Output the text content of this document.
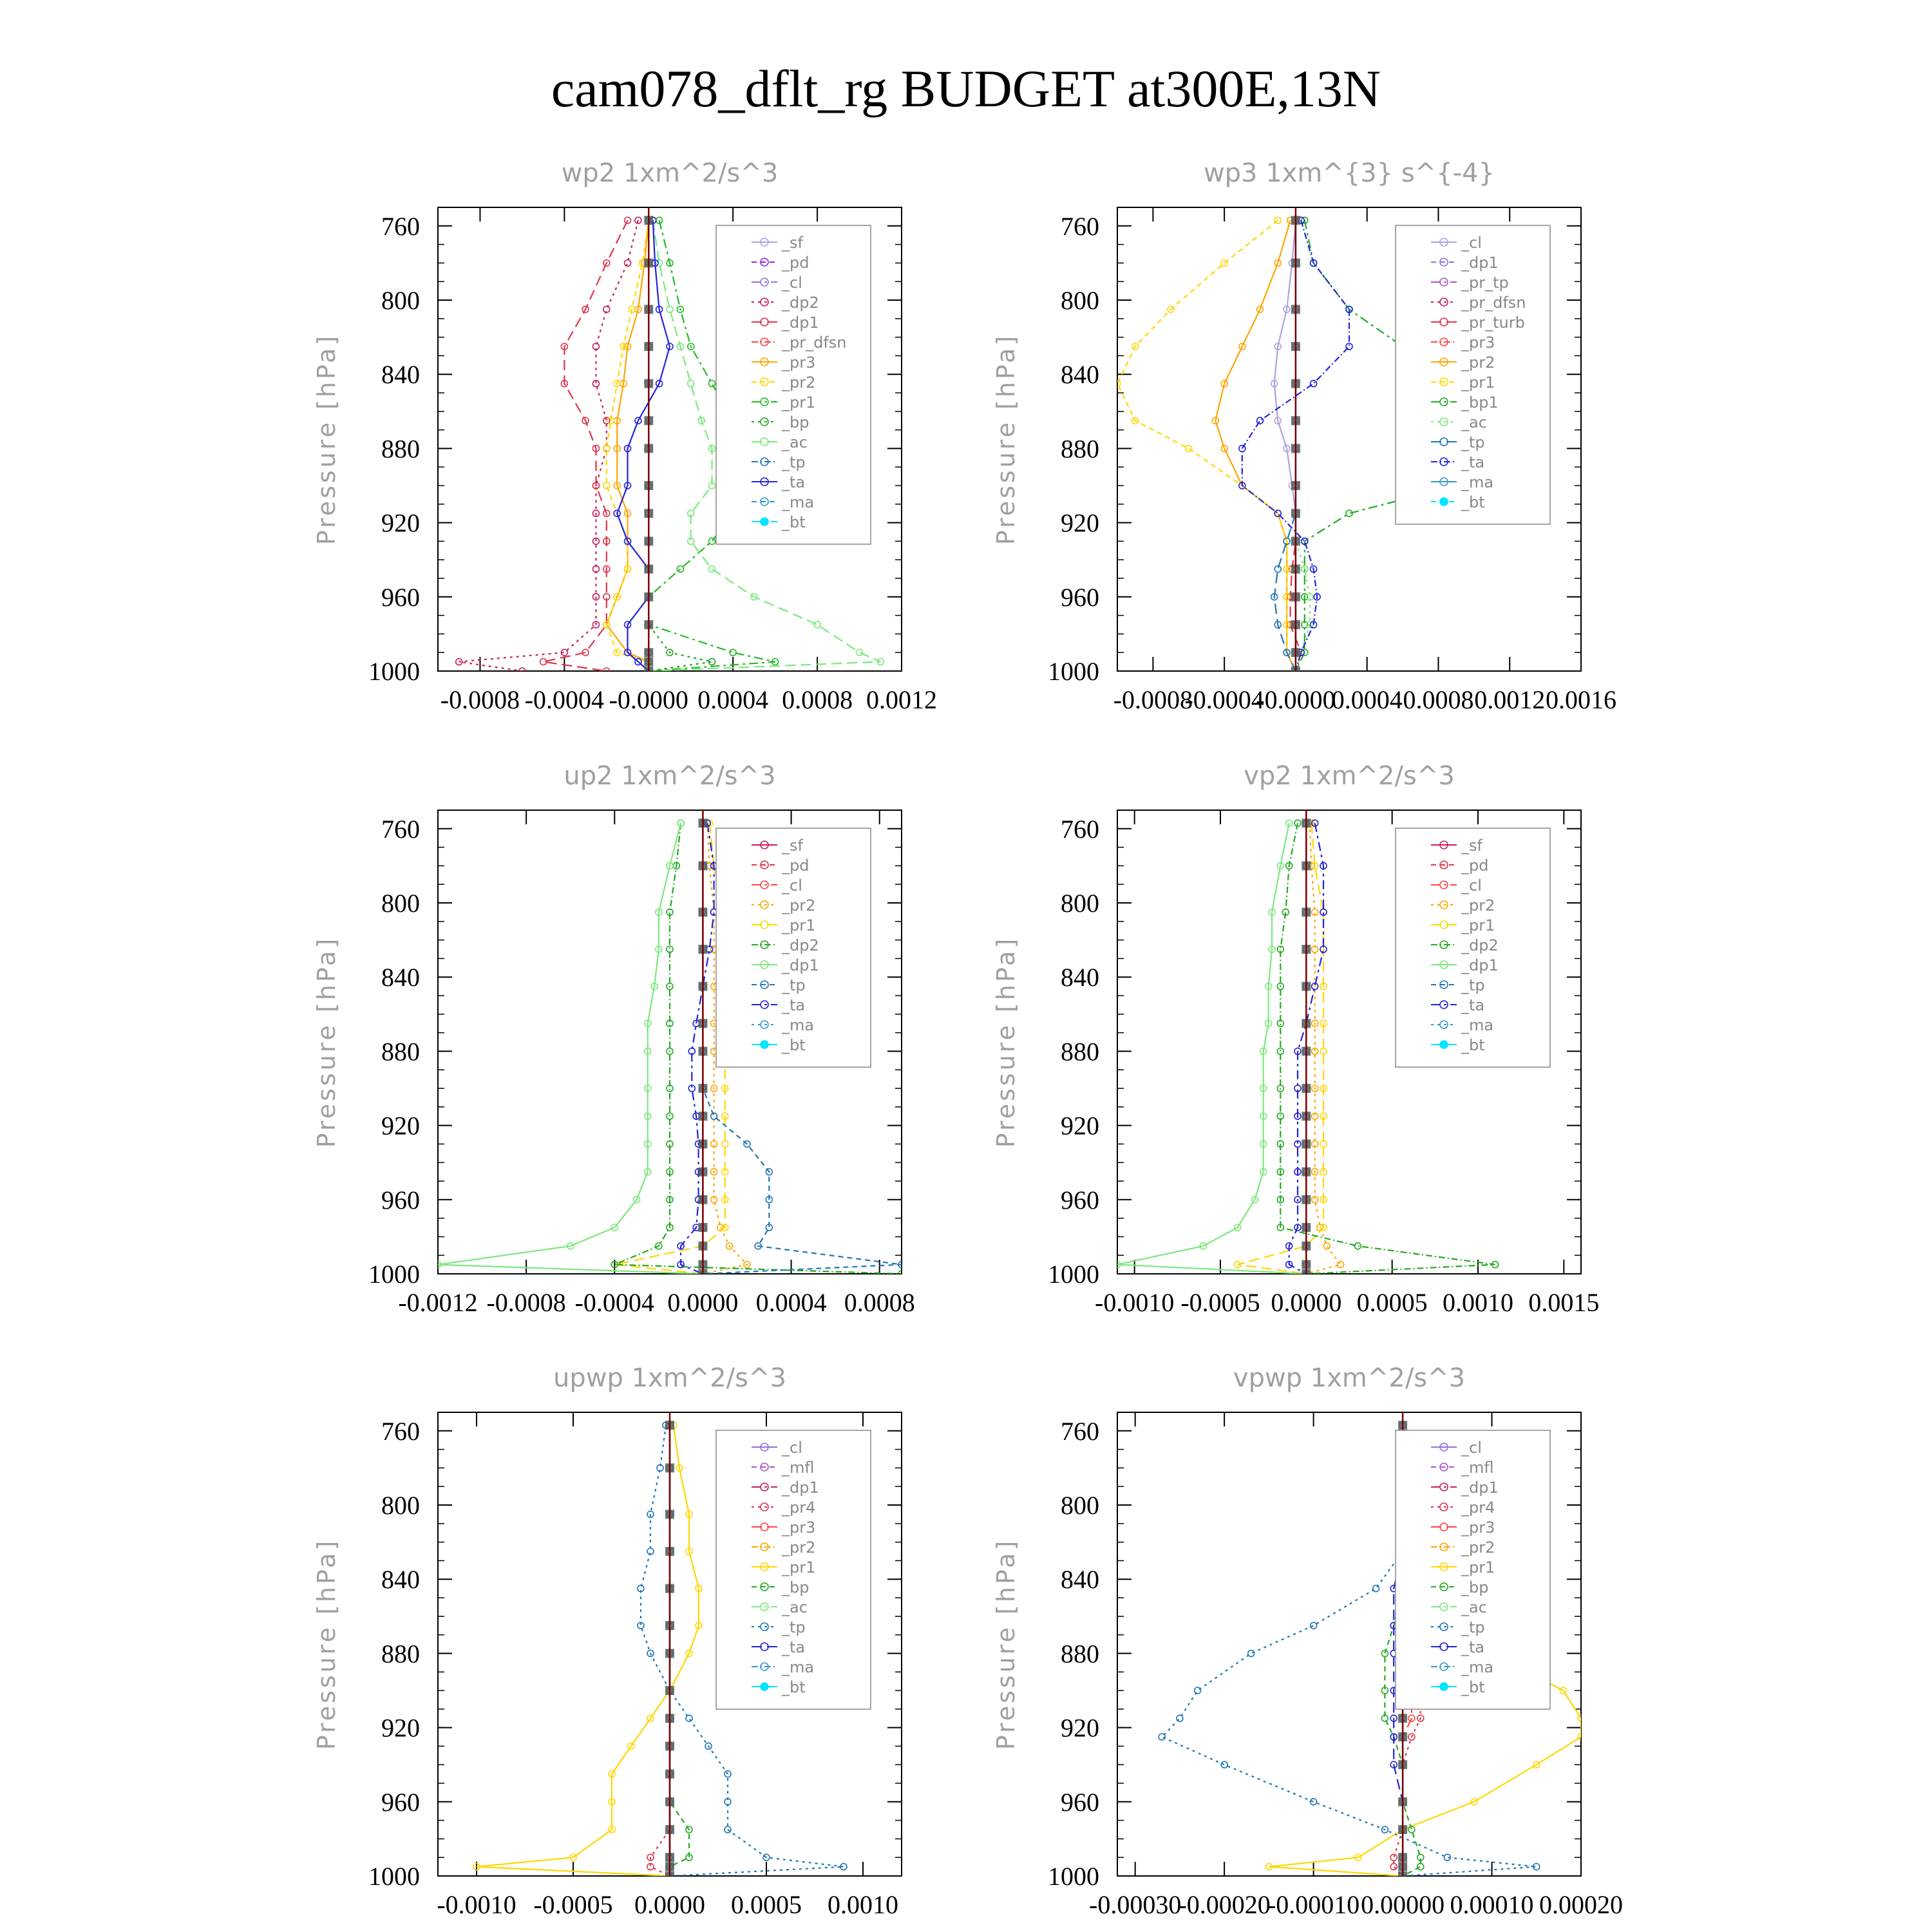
cam078_dflt_rg BUDGET at300E,13N
wp2 1xm^2/s^3
Pressure [hPa]
760
800
840
880
920
960
1000
-0.0008 -0.0004 -0.0000 0.0004 0.0008 0.0012
_sf
_pd
_cl
_dp2
_dp1
_pr_dfsn
_pr3
_pr2
_pr1
_bp
_ac
_tp
_ta
_ma
_bt
wp3 1xm^{3} s^{-4}
Pressure [hPa]
760
800
840
880
920
960
1000
-0.0008
-0.0004
-0.0000
0.0004 0.0008 0.0012 0.0016
_cl
_dp1
_pr_tp
_pr_dfsn
_pr_turb
_pr3
_pr2
_pr1
_bp1
_ac
_tp
_ta
_ma
_bt
up2 1xm^2/s^3
Pressure [hPa]
760
800
840
880
920
960
1000
-0.0012 -0.0008 -0.0004 0.0000 0.0004 0.0008
_sf
_pd
_cl
_pr2
_pr1
_dp2
_dp1
_tp
_ta
_ma
_bt
vp2 1xm^2/s^3
Pressure [hPa]
760
800
840
880
920
960
1000
-0.0010 -0.0005 0.0000 0.0005 0.0010 0.0015
_sf
_pd
_cl
_pr2
_pr1
_dp2
_dp1
_tp
_ta
_ma
_bt
upwp 1xm^2/s^3
Pressure [hPa]
760
800
840
880
920
960
1000
-0.0010 -0.0005 0.0000 0.0005 0.0010
_cl
_mfl
_dp1
_pr4
_pr3
_pr2
_pr1
_bp
_ac
_tp
_ta
_ma
_bt
vpwp 1xm^2/s^3
Pressure [hPa]
760
800
840
880
920
960
1000
-0.00030
-0.00020
-0.00010 0.00000 0.00010 0.00020
_cl
_mfl
_dp1
_pr4
_pr3
_pr2
_pr1
_bp
_ac
_tp
_ta
_ma
_bt
